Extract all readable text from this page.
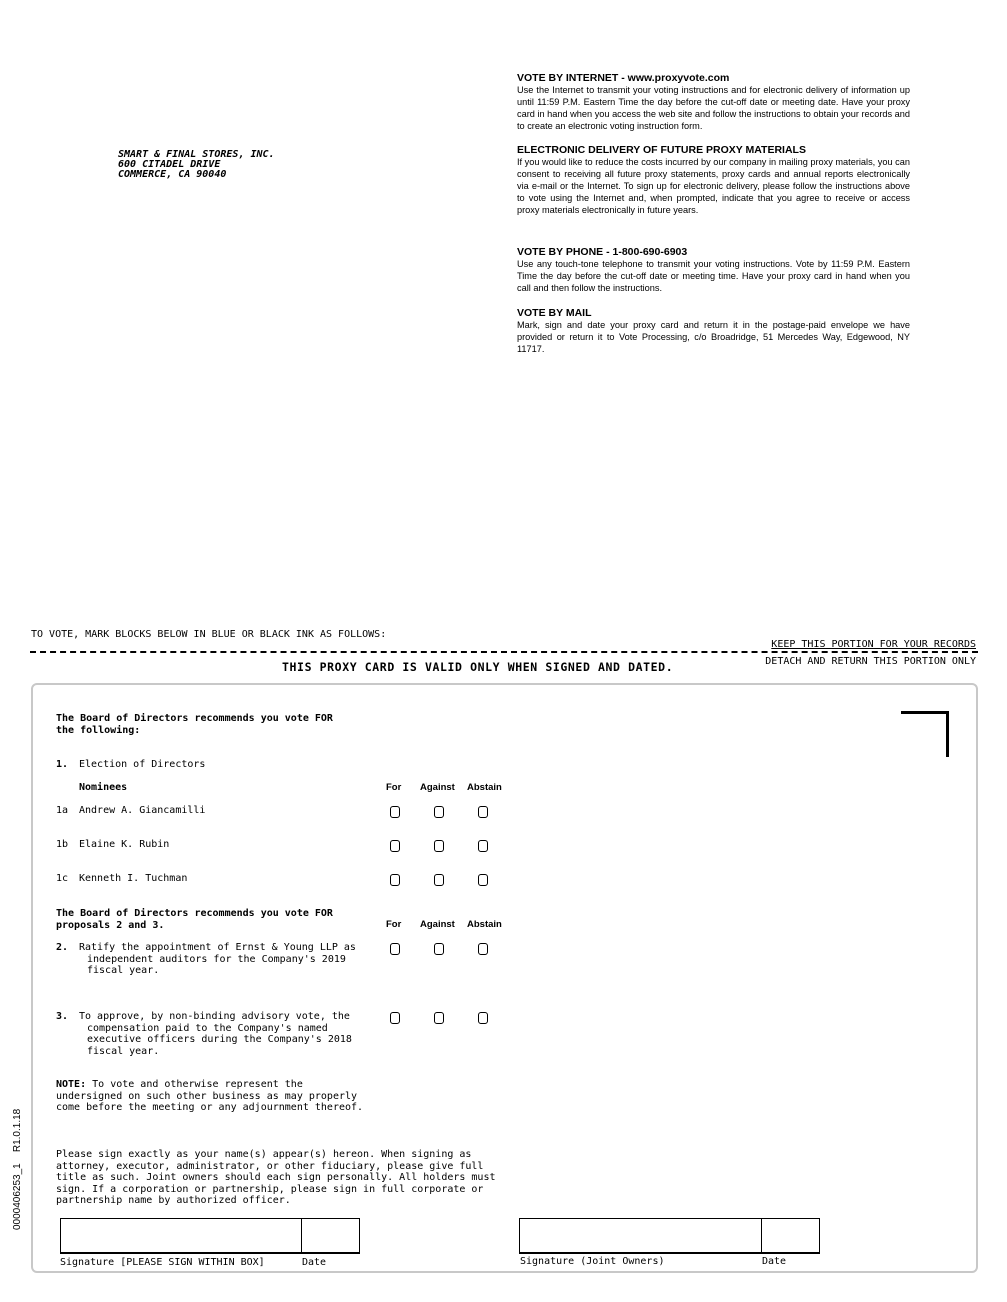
SMART & FINAL STORES, INC.
600 CITADEL DRIVE
COMMERCE, CA 90040
VOTE BY INTERNET - www.proxyvote.com

Use the Internet to transmit your voting instructions and for electronic delivery of information up until 11:59 P.M. Eastern Time the day before the cut-off date or meeting date. Have your proxy card in hand when you access the web site and follow the instructions to obtain your records and to create an electronic voting instruction form.

ELECTRONIC DELIVERY OF FUTURE PROXY MATERIALS

If you would like to reduce the costs incurred by our company in mailing proxy materials, you can consent to receiving all future proxy statements, proxy cards and annual reports electronically via e-mail or the Internet. To sign up for electronic delivery, please follow the instructions above to vote using the Internet and, when prompted, indicate that you agree to receive or access proxy materials electronically in future years.

VOTE BY PHONE - 1-800-690-6903

Use any touch-tone telephone to transmit your voting instructions. Vote by 11:59 P.M. Eastern Time the day before the cut-off date or meeting time. Have your proxy card in hand when you call and then follow the instructions.

VOTE BY MAIL

Mark, sign and date your proxy card and return it in the postage-paid envelope we have provided or return it to Vote Processing, c/o Broadridge, 51 Mercedes Way, Edgewood, NY 11717.

TO VOTE, MARK BLOCKS BELOW IN BLUE OR BLACK INK AS FOLLOWS:
KEEP THIS PORTION FOR YOUR RECORDS
THIS PROXY CARD IS VALID ONLY WHEN SIGNED AND DATED.	DETACH AND RETURN THIS PORTION ONLY
The Board of Directors recommends you vote FOR
the following:
1. Election of Directors
Nominees	For Against Abstain
1a Andrew A. Giancamilli
1b Elaine K. Rubin
1c Kenneth I. Tuchman
The Board of Directors recommends you vote FOR
proposals 2 and 3.	For Against Abstain
2. Ratify the appointment of Ernst & Young LLP as
independent auditors for the Company's 2019
fiscal year.
3. To approve, by non-binding advisory vote, the
compensation paid to the Company's named
executive officers during the Company's 2018
fiscal year.
NOTE: To vote and otherwise represent the
undersigned on such other business as may properly
come before the meeting or any adjournment thereof.
Please sign exactly as your name(s) appear(s) hereon. When signing as
attorney, executor, administrator, or other fiduciary, please give full
title as such. Joint owners should each sign personally. All holders must
sign. If a corporation or partnership, please sign in full corporate or
partnership name by authorized officer.
Signature [PLEASE SIGN WITHIN BOX]	Date	Signature (Joint Owners)	Date
0000406253_1    R1.0.1.18
